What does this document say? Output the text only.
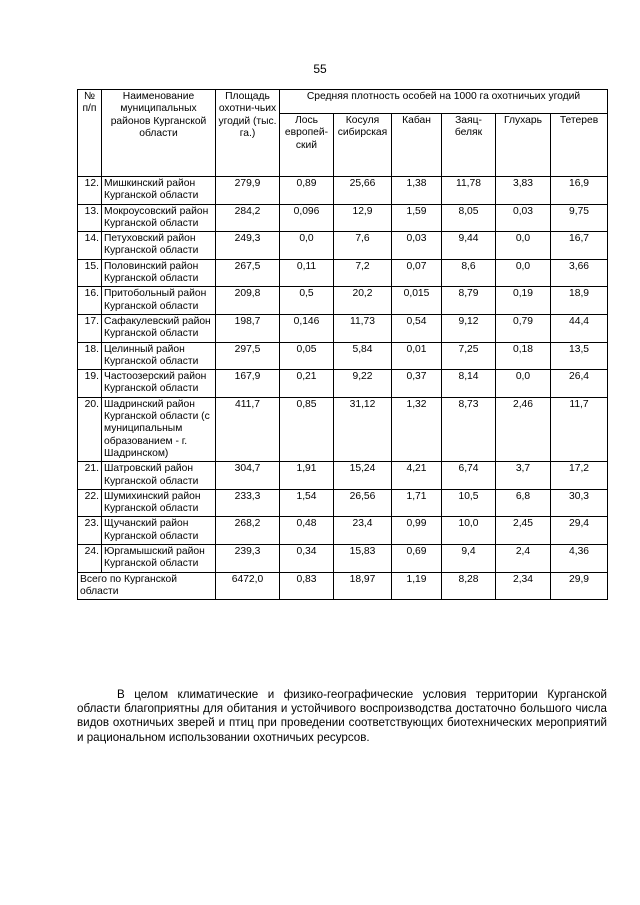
55
№ п/п	Наименование муниципальных районов Курганской области	Площадь охотни-чьих угодий (тыс. га.)	Средняя плотность особей на 1000 га охотничьих угодий					
			Лось европей-ский	Косуля сибирская	Кабан	Заяц-беляк	Глухарь	Тетерев
12.	Мишкинский район Курганской области	279,9	0,89	25,66	1,38	11,78	3,83	16,9
13.	Мокроусовский район Курганской области	284,2	0,096	12,9	1,59	8,05	0,03	9,75
14.	Петуховский район Курганской области	249,3	0,0	7,6	0,03	9,44	0,0	16,7
15.	Половинский район Курганской области	267,5	0,11	7,2	0,07	8,6	0,0	3,66
16.	Притобольный район Курганской области	209,8	0,5	20,2	0,015	8,79	0,19	18,9
17.	Сафакулевский район Курганской области	198,7	0,146	11,73	0,54	9,12	0,79	44,4
18.	Целинный район Курганской области	297,5	0,05	5,84	0,01	7,25	0,18	13,5
19.	Частоозерский район Курганской области	167,9	0,21	9,22	0,37	8,14	0,0	26,4
20.	Шадринский район Курганской области (с муниципальным образованием - г. Шадринском)	411,7	0,85	31,12	1,32	8,73	2,46	11,7
21.	Шатровский район Курганской области	304,7	1,91	15,24	4,21	6,74	3,7	17,2
22.	Шумихинский район Курганской области	233,3	1,54	26,56	1,71	10,5	6,8	30,3
23.	Щучанский район Курганской области	268,2	0,48	23,4	0,99	10,0	2,45	29,4
24.	Юргамышский район Курганской области	239,3	0,34	15,83	0,69	9,4	2,4	4,36
Всего по Курганской области		6472,0	0,83	18,97	1,19	8,28	2,34	29,9
В целом климатические и физико-географические условия территории Курганской области благоприятны для обитания и устойчивого воспроизводства достаточно большого числа видов охотничьих зверей и птиц при проведении соответствующих биотехнических мероприятий и рациональном использовании охотничьих ресурсов.
